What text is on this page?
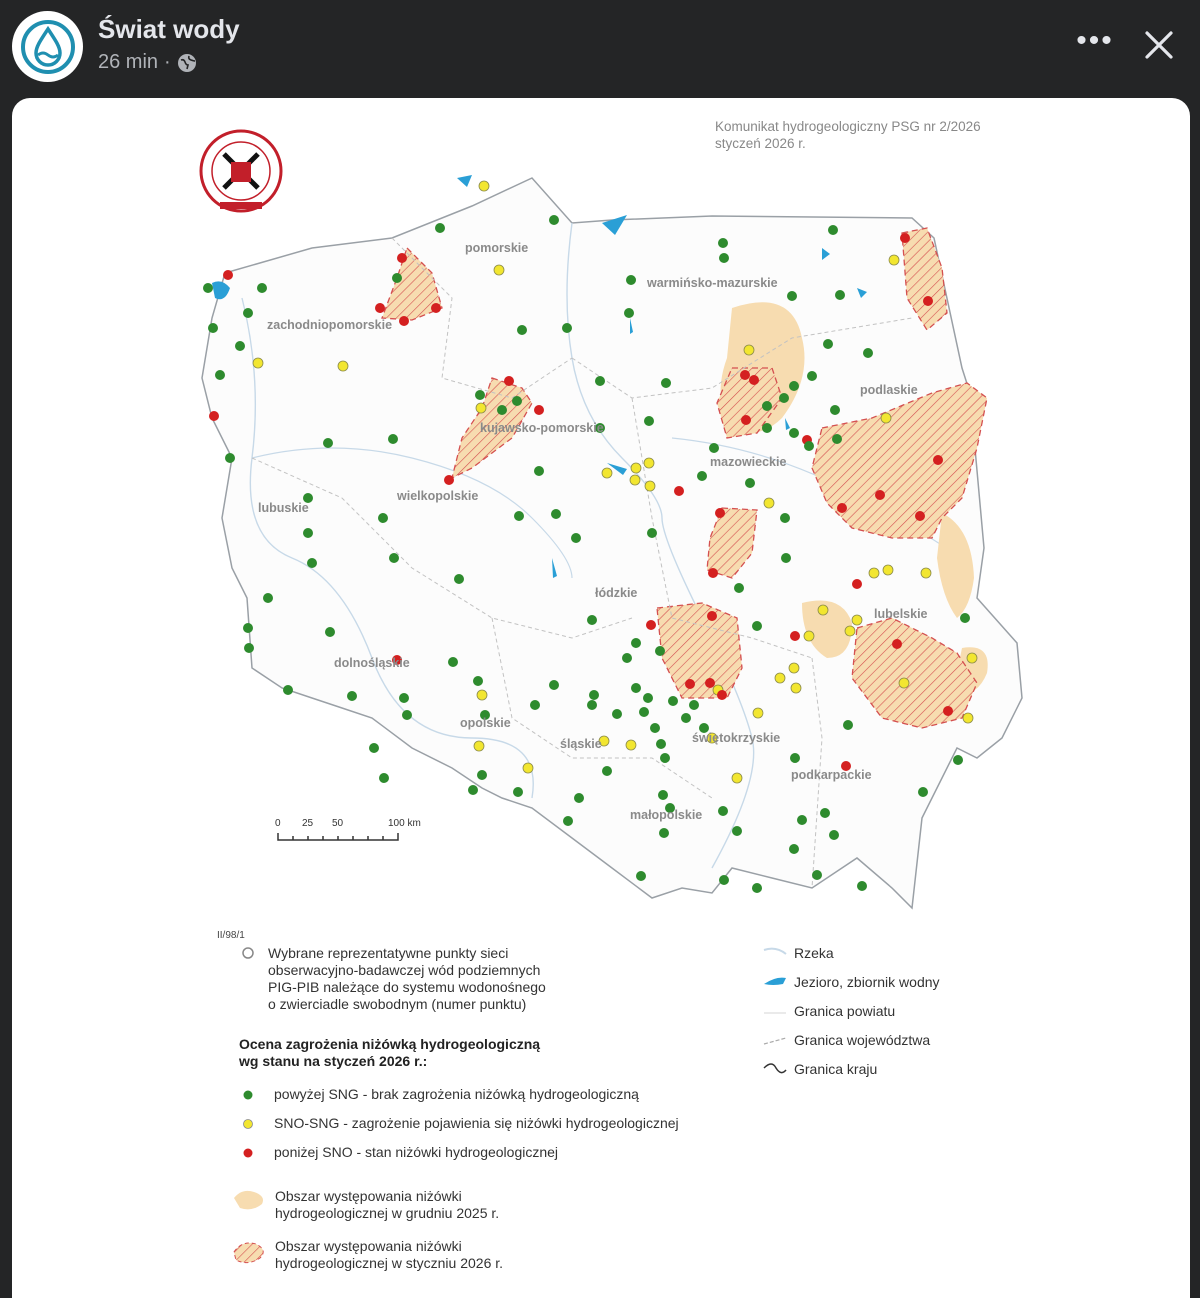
Świat wody
26 min ·
•••
Komunikat hydrogeologiczny PSG nr 2/2026
styczeń 2026 r.
pomorskie
warmińsko-mazurskie
zachodniopomorskie
kujawsko-pomorskie
podlaskie
mazowieckie
wielkopolskie
lubuskie
łódzkie
lubelskie
dolnośląskie
opolskie
śląskie	świętokrzyskie
podkarpackie
małopolskie
0 25 50	100 km
II/98/1
Wybrane reprezentatywne punkty sieci
obserwacyjno-badawczej wód podziemnych
PIG-PIB należące do systemu wodonośnego
o zwierciadle swobodnym (numer punktu)
Ocena zagrożenia niżówką hydrogeologiczną
wg stanu na styczeń 2026 r.:
powyżej SNG - brak zagrożenia niżówką hydrogeologiczną
SNO-SNG - zagrożenie pojawienia się niżówki hydrogeologicznej
poniżej SNO - stan niżówki hydrogeologicznej
Obszar występowania niżówki
hydrogeologicznej w grudniu 2025 r.
Obszar występowania niżówki
hydrogeologicznej w styczniu 2026 r.
Rzeka
Jezioro, zbiornik wodny
Granica powiatu
Granica województwa
Granica kraju
